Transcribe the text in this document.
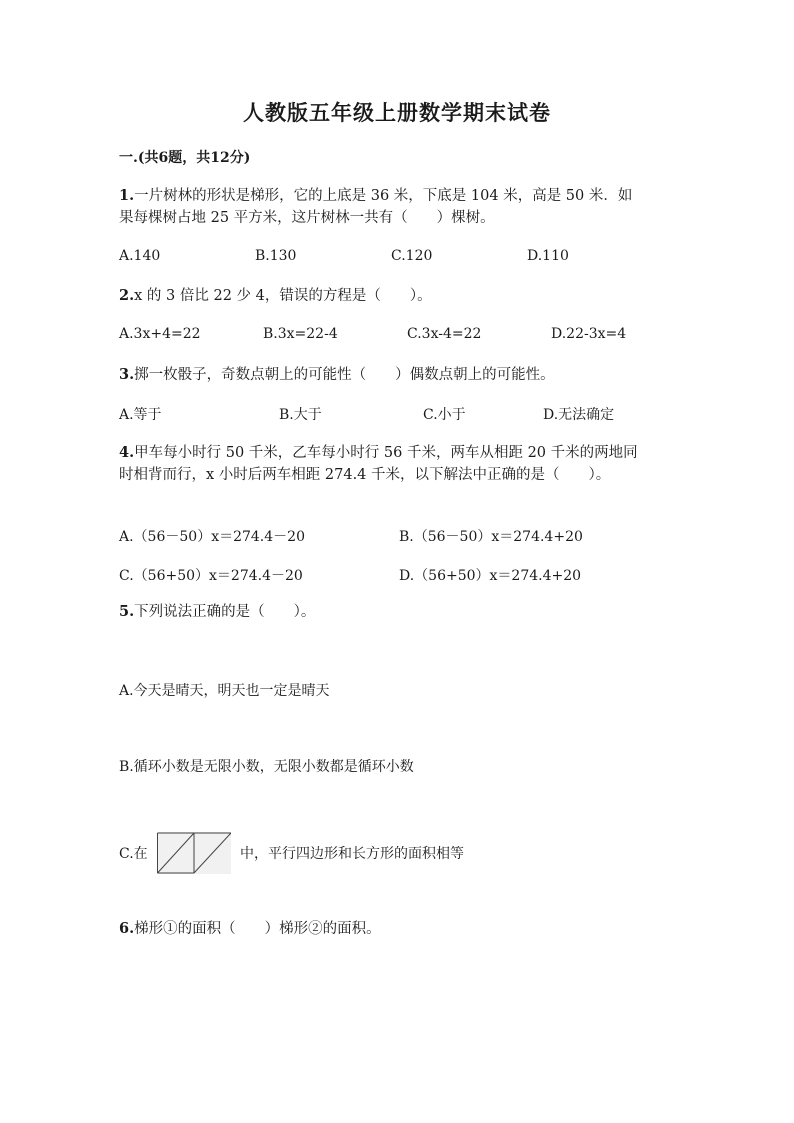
人教版五年级上册数学期末试卷
一.(共6题，共12分)
1.一片树林的形状是梯形，它的上底是 36 米，下底是 104 米，高是 50 米．如
果每棵树占地 25 平方米，这片树林一共有（　　）棵树。
A.140	B.130	C.120	D.110
2.x 的 3 倍比 22 少 4，错误的方程是（　　）。
A.3x+4=22	B.3x=22-4	C.3x-4=22	D.22-3x=4
3.掷一枚骰子，奇数点朝上的可能性（　　）偶数点朝上的可能性。
A.等于	B.大于	C.小于	D.无法确定
4.甲车每小时行 50 千米，乙车每小时行 56 千米，两车从相距 20 千米的两地同
时相背而行，x 小时后两车相距 274.4 千米，以下解法中正确的是（　　）。
A.（56－50）x＝274.4－20	B.（56－50）x＝274.4+20
C.（56+50）x＝274.4－20	D.（56+50）x＝274.4+20
5.下列说法正确的是（　　）。
A.今天是晴天，明天也一定是晴天
B.循环小数是无限小数，无限小数都是循环小数
C.在	中，平行四边形和长方形的面积相等
6.梯形①的面积（　　）梯形②的面积。
